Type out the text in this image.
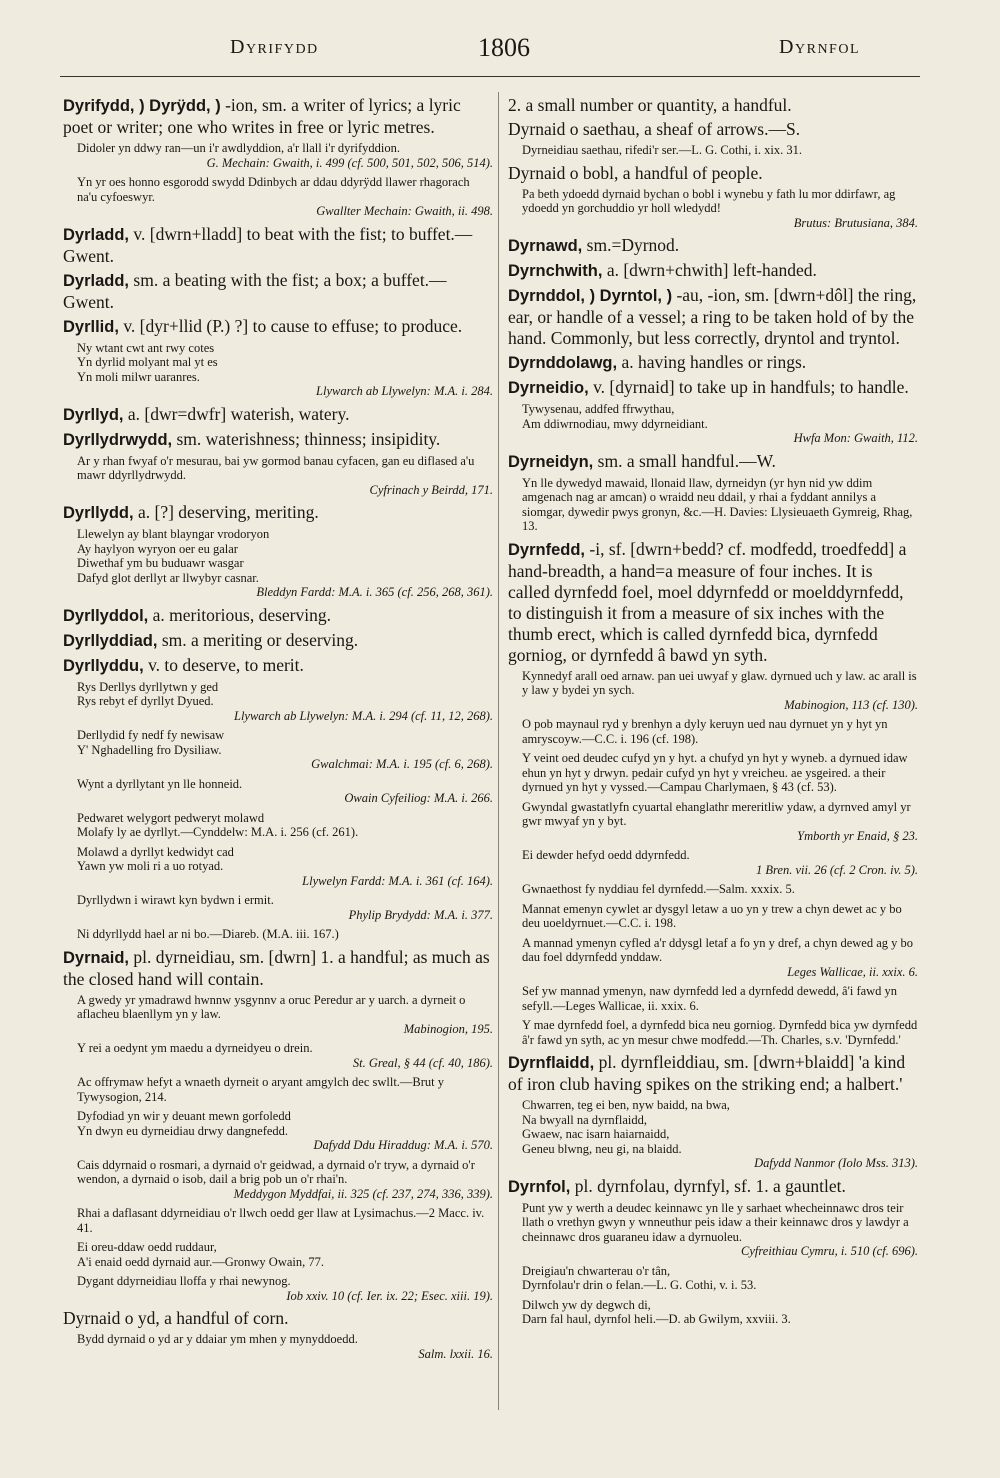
Dyrifydd	1806	Dyrnfol
Dyrifydd, ) Dyrÿdd, ) -ion, sm. a writer of lyrics; a lyric poet or writer; one who writes in free or lyric metres.
Didoler yn ddwy ran—un i'r awdlyddion, a'r llall i'r dyrifyddion.
G. Mechain: Gwaith, i. 499 (cf. 500, 501, 502, 506, 514).
Yn yr oes honno esgorodd swydd Ddinbych ar ddau ddyrÿdd llawer rhagorach na'u cyfoeswyr.
Gwallter Mechain: Gwaith, ii. 498.
Dyrladd, v. [dwrn+lladd] to beat with the fist; to buffet.—Gwent.
Dyrladd, sm. a beating with the fist; a box; a buffet.—Gwent.
Dyrllid, v. [dyr+llid (P.) ?] to cause to effuse; to produce.
Ny wtant cwt ant rwy cotes
Yn dyrlid molyant mal yt es
Yn moli milwr uaranres.
Llywarch ab Llywelyn: M.A. i. 284.
Dyrllyd, a. [dwr=dwfr] waterish, watery.
Dyrllydrwydd, sm. waterishness; thinness; insipidity.
Ar y rhan fwyaf o'r mesurau, bai yw gormod banau cyfacen, gan eu diflased a'u mawr ddyrllydrwydd.
Cyfrinach y Beirdd, 171.
Dyrllydd, a. [?] deserving, meriting.
Llewelyn ay blant blayngar vrodoryon
Ay haylyon wyryon oer eu galar
Diwethaf ym bu buduawr wasgar
Dafyd glot derllyt ar llwybyr casnar.
Bleddyn Fardd: M.A. i. 365 (cf. 256, 268, 361).
Dyrllyddol, a. meritorious, deserving.
Dyrllyddiad, sm. a meriting or deserving.
Dyrllyddu, v. to deserve, to merit.
Rys Derllys dyrllytwn y ged
Rys rebyt ef dyrllyt Dyued.
Llywarch ab Llywelyn: M.A. i. 294 (cf. 11, 12, 268).
Derllydid fy nedf fy newisaw
Y' Nghadelling fro Dysiliaw.
Gwalchmai: M.A. i. 195 (cf. 6, 268).
Wynt a dyrllytant yn lle honneid.
Owain Cyfeiliog: M.A. i. 266.
Pedwaret welygort pedweryt molawd
Molafy ly ae dyrllyt.—Cynddelw: M.A. i. 256 (cf. 261).
Molawd a dyrllyt kedwidyt cad
Yawn yw moli ri a uo rotyad.
Llywelyn Fardd: M.A. i. 361 (cf. 164).
Dyrllydwn i wirawt kyn bydwn i ermit.
Phylip Brydydd: M.A. i. 377.
Ni ddyrllydd hael ar ni bo.—Diareb. (M.A. iii. 167.)
Dyrnaid, pl. dyrneidiau, sm. [dwrn] 1. a handful; as much as the closed hand will contain.
A gwedy yr ymadrawd hwnnw ysgynnv a oruc Peredur ar y uarch. a dyrneit o aflacheu blaenllym yn y law.
Mabinogion, 195.
Y rei a oedynt ym maedu a dyrneidyeu o drein.
St. Greal, § 44 (cf. 40, 186).
Ac offrymaw hefyt a wnaeth dyrneit o aryant amgylch dec swllt.—Brut y Tywysogion, 214.
Dyfodiad yn wir y deuant mewn gorfoledd
Yn dwyn eu dyrneidiau drwy dangnefedd.
Dafydd Ddu Hiraddug: M.A. i. 570.
Cais ddyrnaid o rosmari, a dyrnaid o'r geidwad, a dyrnaid o'r tryw, a dyrnaid o'r wendon, a dyrnaid o isob, dail a brig pob un o'r rhai'n.
Meddygon Myddfai, ii. 325 (cf. 237, 274, 336, 339).
Rhai a daflasant ddyrneidiau o'r llwch oedd ger llaw at Lysimachus.—2 Macc. iv. 41.
Ei oreu-ddaw oedd ruddaur,
A'i enaid oedd dyrnaid aur.—Gronwy Owain, 77.
Dygant ddyrneidiau lloffa y rhai newynog.
Iob xxiv. 10 (cf. Ier. ix. 22; Esec. xiii. 19).
Dyrnaid o yd, a handful of corn.
Bydd dyrnaid o yd ar y ddaiar ym mhen y mynyddoedd.
Salm. lxxii. 16.
2. a small number or quantity, a handful.
Dyrnaid o saethau, a sheaf of arrows.—S.
Dyrneidiau saethau, rifedi'r ser.—L. G. Cothi, i. xix. 31.
Dyrnaid o bobl, a handful of people.
Pa beth ydoedd dyrnaid bychan o bobl i wynebu y fath lu mor ddirfawr, ag ydoedd yn gorchuddio yr holl wledydd!
Brutus: Brutusiana, 384.
Dyrnawd, sm.=Dyrnod.
Dyrnchwith, a. [dwrn+chwith] left-handed.
Dyrnddol, ) Dyrntol, ) -au, -ion, sm. [dwrn+dôl] the ring, ear, or handle of a vessel; a ring to be taken hold of by the hand. Commonly, but less correctly, dryntol and tryntol.
Dyrnddolawg, a. having handles or rings.
Dyrneidio, v. [dyrnaid] to take up in handfuls; to handle.
Tywysenau, addfed ffrwythau,
Am ddiwrnodiau, mwy ddyrneidiant.
Hwfa Mon: Gwaith, 112.
Dyrneidyn, sm. a small handful.—W.
Yn lle dywedyd mawaid, llonaid llaw, dyrneidyn (yr hyn nid yw ddim amgenach nag ar amcan) o wraidd neu ddail, y rhai a fyddant annilys a siomgar, dywedir pwys gronyn, &c.—H. Davies: Llysieuaeth Gymreig, Rhag, 13.
Dyrnfedd, -i, sf. [dwrn+bedd? cf. modfedd, troedfedd] a hand-breadth, a hand=a measure of four inches. It is called dyrnfedd foel, moel ddyrnfedd or moelddyrnfedd, to distinguish it from a measure of six inches with the thumb erect, which is called dyrnfedd bica, dyrnfedd gorniog, or dyrnfedd â bawd yn syth.
Kynnedyf arall oed arnaw. pan uei uwyaf y glaw. dyrnued uch y law. ac arall is y law y bydei yn sych.
Mabinogion, 113 (cf. 130).
O pob maynaul ryd y brenhyn a dyly keruyn ued nau dyrnuet yn y hyt yn amryscoyw.—C.C. i. 196 (cf. 198).
Y veint oed deudec cufyd yn y hyt. a chufyd yn hyt y wyneb. a dyrnued idaw ehun yn hyt y drwyn. pedair cufyd yn hyt y vreicheu. ae ysgeired. a their dyrnued yn hyt y vyssed.—Campau Charlymaen, § 43 (cf. 53).
Gwyndal gwastatlyfn cyuartal ehanglathr mereritliw ydaw, a dyrnved amyl yr gwr mwyaf yn y byt.
Ymborth yr Enaid, § 23.
Ei dewder hefyd oedd ddyrnfedd.
1 Bren. vii. 26 (cf. 2 Cron. iv. 5).
Gwnaethost fy nyddiau fel dyrnfedd.—Salm. xxxix. 5.
Mannat emenyn cywlet ar dysgyl letaw a uo yn y trew a chyn dewet ac y bo deu uoeldyrnuet.—C.C. i. 198.
A mannad ymenyn cyfled a'r ddysgl letaf a fo yn y dref, a chyn dewed ag y bo dau foel ddyrnfedd ynddaw.
Leges Wallicae, ii. xxix. 6.
Sef yw mannad ymenyn, naw dyrnfedd led a dyrnfedd dewedd, â'i fawd yn sefyll.—Leges Wallicae, ii. xxix. 6.
Y mae dyrnfedd foel, a dyrnfedd bica neu gorniog. Dyrnfedd bica yw dyrnfedd â'r fawd yn syth, ac yn mesur chwe modfedd.—Th. Charles, s.v. 'Dyrnfedd.'
Dyrnflaidd, pl. dyrnfleiddiau, sm. [dwrn+blaidd] 'a kind of iron club having spikes on the striking end; a halbert.'
Chwarren, teg ei ben, nyw baidd, na bwa,
Na bwyall na dyrnflaidd,
Gwaew, nac isarn haiarnaidd,
Geneu blwng, neu gi, na blaidd.
Dafydd Nanmor (Iolo Mss. 313).
Dyrnfol, pl. dyrnfolau, dyrnfyl, sf. 1. a gauntlet.
Punt yw y werth a deudec keinnawc yn lle y sarhaet whecheinnawc dros teir llath o vrethyn gwyn y wnneuthur peis idaw a their keinnawc dros y lawdyr a cheinnawc dros guaraneu idaw a dyrnuoleu.
Cyfreithiau Cymru, i. 510 (cf. 696).
Dreigiau'n chwarterau o'r tân,
Dyrnfolau'r drin o felan.—L. G. Cothi, v. i. 53.
Dilwch yw dy degwch di,
Darn fal haul, dyrnfol heli.—D. ab Gwilym, xxviii. 3.
